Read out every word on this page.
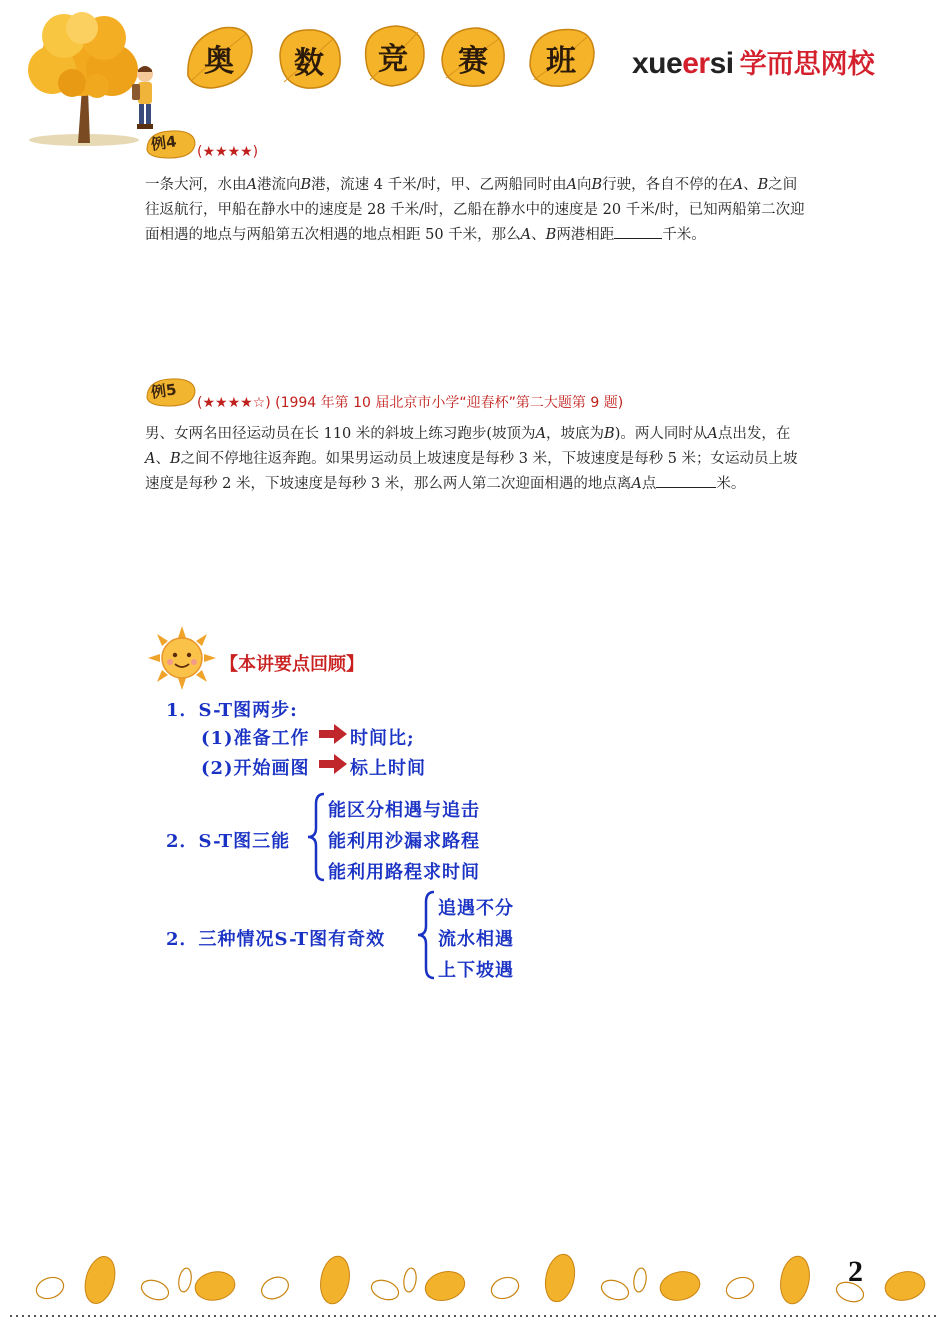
奥	数	竞	赛	班	xueersi 学而思网校
例4 (★★★★)
一条大河，水由A港流向B港，流速 4 千米/时，甲、乙两船同时由A向B行驶，各自不停的在A、B之间往返航行，甲船在静水中的速度是 28 千米/时，乙船在静水中的速度是 20 千米/时，已知两船第二次迎面相遇的地点与两船第五次相遇的地点相距 50 千米，那么A、B两港相距	千米。
例5
(★★★★☆) (1994 年第 10 届北京市小学“迎春杯”第二大题第 9 题)
男、女两名田径运动员在长 110 米的斜坡上练习跑步(坡顶为A，坡底为B)。两人同时从A点出发，在A、B之间不停地往返奔跑。如果男运动员上坡速度是每秒 3 米，下坡速度是每秒 5 米；女运动员上坡速度是每秒 2 米，下坡速度是每秒 3 米，那么两人第二次迎面相遇的地点离A点	米。
【本讲要点回顾】
1．S-T图两步:
(1)准备工作 时间比;
(2)开始画图 标上时间
2．S-T图三能
能区分相遇与追击
能利用沙漏求路程
能利用路程求时间
2．三种情况S-T图有奇效
追遇不分
流水相遇
上下坡遇
2
